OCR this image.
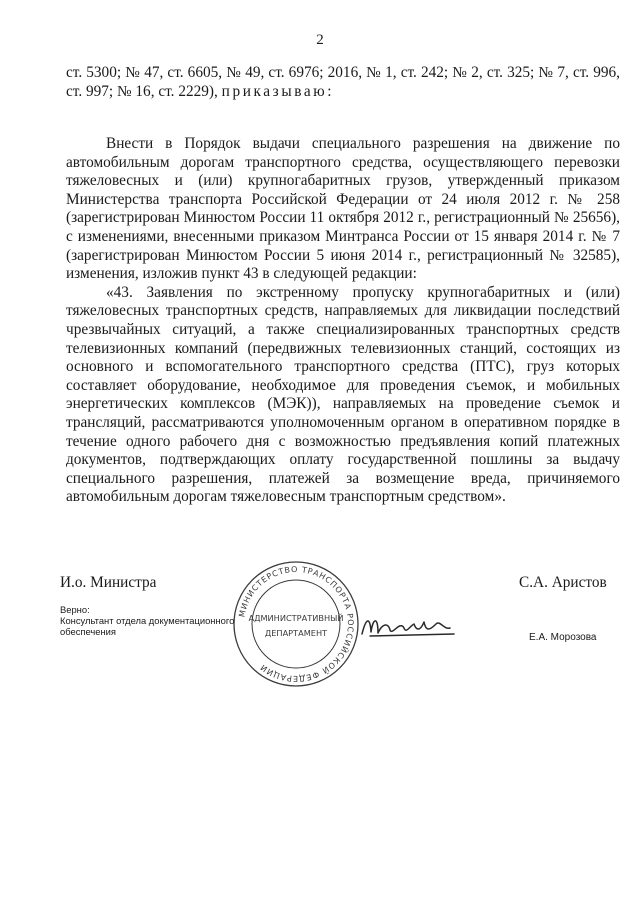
2
ст. 5300; № 47, ст. 6605, № 49, ст. 6976; 2016, № 1, ст. 242; № 2, ст. 325; № 7, ст. 996, ст. 997; № 16, ст. 2229), приказываю:

Внести в Порядок выдачи специального разрешения на движение по автомобильным дорогам транспортного средства, осуществляющего перевозки тяжеловесных и (или) крупногабаритных грузов, утвержденный приказом Министерства транспорта Российской Федерации от 24 июля 2012 г. № 258 (зарегистрирован Минюстом России 11 октября 2012 г., регистрационный № 25656), с изменениями, внесенными приказом Минтранса России от 15 января 2014 г. № 7 (зарегистрирован Минюстом России 5 июня 2014 г., регистрационный № 32585), изменения, изложив пункт 43 в следующей редакции:

«43. Заявления по экстренному пропуску крупногабаритных и (или) тяжеловесных транспортных средств, направляемых для ликвидации последствий чрезвычайных ситуаций, а также специализированных транспортных средств телевизионных компаний (передвижных телевизионных станций, состоящих из основного и вспомогательного транспортного средства (ПТС), груз которых составляет оборудование, необходимое для проведения съемок, и мобильных энергетических комплексов (МЭК)), направляемых на проведение съемок и трансляций, рассматриваются уполномоченным органом в оперативном порядке в течение одного рабочего дня с возможностью предъявления копий платежных документов, подтверждающих оплату государственной пошлины за выдачу специального разрешения, платежей за возмещение вреда, причиняемого автомобильным дорогам тяжеловесным транспортным средством».

И.о. Министра	С.А. Аристов
Верно:
Консультант отдела документационного
обеспечения
Е.А. Морозова
МИНИСТЕРСТВО ТРАНСПОРТА РОССИЙСКОЙ ФЕДЕРАЦИИ
АДМИНИСТРАТИВНЫЙ
ДЕПАРТАМЕНТ
